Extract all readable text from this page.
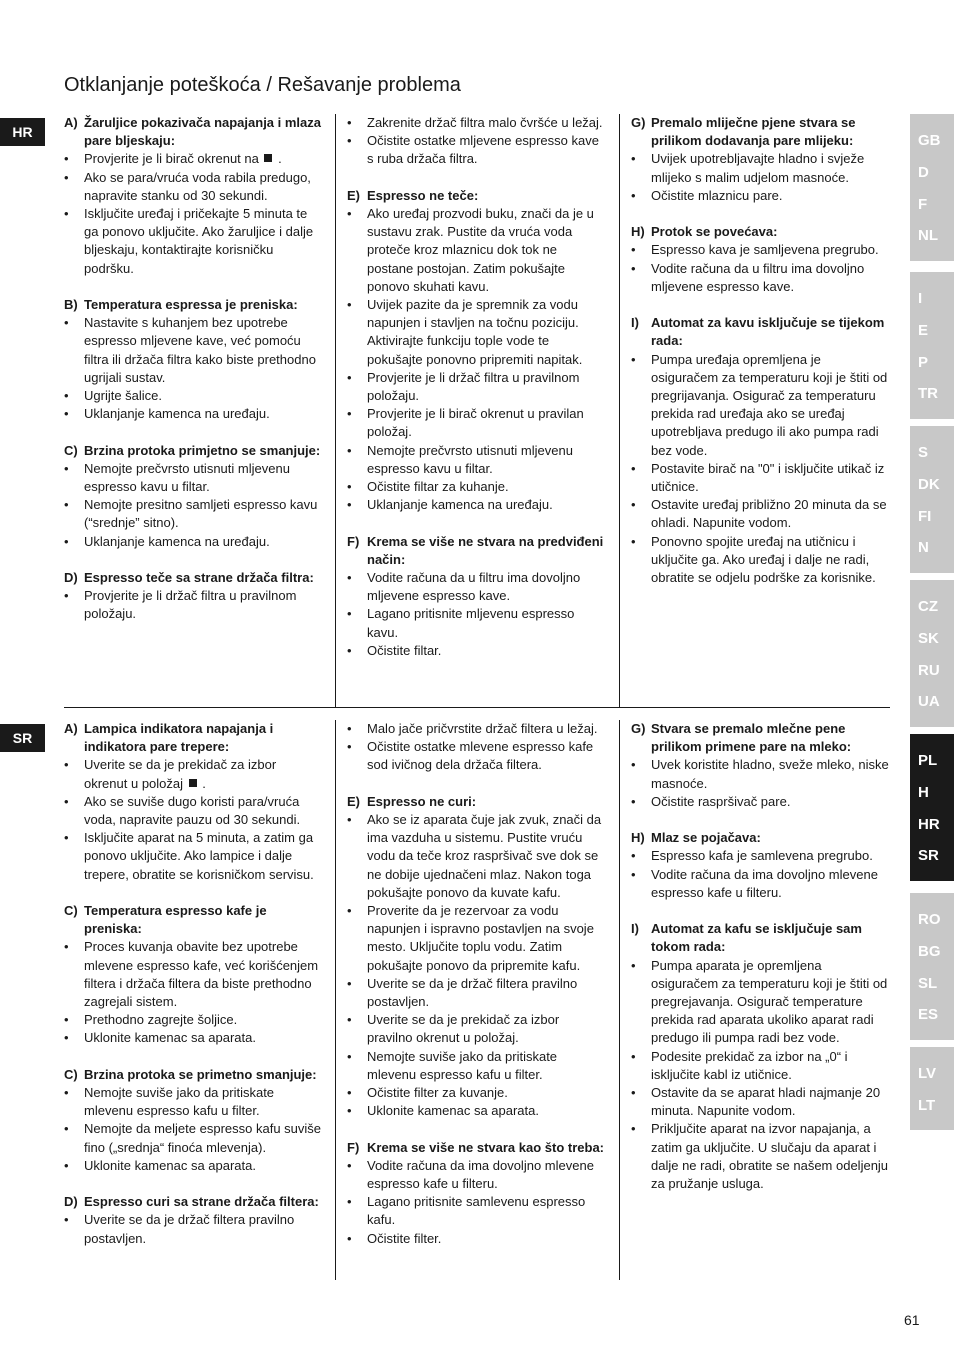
Otklanjanje poteškoća / Rešavanje problema
HR
SR
A) Žaruljice pokazivača napajanja i mlaza pare bljeskaju:
•	Provjerite je li birač okrenut na  .
•	Ako se para/vruća voda rabila predugo, napravite stanku od 30 sekundi.
•	Isključite uređaj i pričekajte 5 minuta te ga ponovo uključite. Ako žaruljice i dalje bljeskaju, kontaktirajte korisničku podršku.
B) Temperatura espressa je preniska:
•	Nastavite s kuhanjem bez upotrebe espresso mljevene kave, već pomoću filtra ili držača filtra kako biste prethodno ugrijali sustav.
•	Ugrijte šalice.
•	Uklanjanje kamenca na uređaju.
C) Brzina protoka primjetno se smanjuje:
•	Nemojte prečvrsto utisnuti mljevenu espresso kavu u filtar.
•	Nemojte presitno samljeti espresso kavu (“srednje” sitno).
•	Uklanjanje kamenca na uređaju.
D) Espresso teče sa strane držača filtra:
•	Provjerite je li držač filtra u pravilnom položaju.
•	Zakrenite držač filtra malo čvršće u ležaj.
•	Očistite ostatke mljevene espresso kave s ruba držača filtra.
E) Espresso ne teče:
•	Ako uređaj prozvodi buku, znači da je u sustavu zrak. Pustite da vruća voda proteče kroz mlaznicu dok tok ne postane postojan. Zatim pokušajte ponovo skuhati kavu.
•	Uvijek pazite da je spremnik za vodu napunjen i stavljen na točnu poziciju. Aktivirajte funkciju tople vode te pokušajte ponovno pripremiti napitak.
•	Provjerite je li držač filtra u pravilnom položaju.
•	Provjerite je li birač okrenut u pravilan položaj.
•	Nemojte prečvrsto utisnuti mljevenu espresso kavu u filtar.
•	Očistite filtar za kuhanje.
•	Uklanjanje kamenca na uređaju.
F) Krema se više ne stvara na predviđeni način:
•	Vodite računa da u filtru ima dovoljno mljevene espresso kave.
•	Lagano pritisnite mljevenu espresso kavu.
•	Očistite filtar.
G) Premalo mliječne pjene stvara se prilikom dodavanja pare mlijeku:
•	Uvijek upotrebljavajte hladno i svježe mlijeko s malim udjelom masnoće.
•	Očistite mlaznicu pare.
H) Protok se povećava:
•	Espresso kava je samljevena pregrubo.
•	Vodite računa da u filtru ima dovoljno mljevene espresso kave.
I) Automat za kavu isključuje se tijekom rada:
•	Pumpa uređaja opremljena je osiguračem za temperaturu koji je štiti od pregrijavanja. Osigurač za temperaturu prekida rad uređaja ako se uređaj upotrebljava predugo ili ako pumpa radi bez vode.
•	Postavite birač na "0" i isključite utikač iz utičnice.
•	Ostavite uređaj približno 20 minuta da se ohladi. Napunite vodom.
•	Ponovno spojite uređaj na utičnicu i uključite ga. Ako uređaj i dalje ne radi, obratite se odjelu podrške za korisnike.
A) Lampica indikatora napajanja i indikatora pare trepere:
•	Uverite se da je prekidač za izbor okrenut u položaj  .
•	Ako se suviše dugo koristi para/vruća voda, napravite pauzu od 30 sekundi.
•	Isključite aparat na 5 minuta, a zatim ga ponovo uključite. Ako lampice i dalje trepere, obratite se korisničkom servisu.
C) Temperatura espresso kafe je preniska:
•	Proces kuvanja obavite bez upotrebe mlevene espresso kafe, već korišćenjem filtera i držača filtera da biste prethodno zagrejali sistem.
•	Prethodno zagrejte šoljice.
•	Uklonite kamenac sa aparata.
C) Brzina protoka se primetno smanjuje:
•	Nemojte suviše jako da pritiskate mlevenu espresso kafu u filter.
•	Nemojte da meljete espresso kafu suviše fino („srednja“ finoća mlevenja).
•	Uklonite kamenac sa aparata.
D) Espresso curi sa strane držača filtera:
•	Uverite se da je držač filtera pravilno postavljen.
•	Malo jače pričvrstite držač filtera u ležaj.
•	Očistite ostatke mlevene espresso kafe sod ivičnog dela držača filtera.
E) Espresso ne curi:
•	Ako se iz aparata čuje jak zvuk, znači da ima vazduha u sistemu. Pustite vruću vodu da teče kroz raspršivač sve dok se ne dobije ujednačeni mlaz. Nakon toga pokušajte ponovo da kuvate kafu.
•	Proverite da je rezervoar za vodu napunjen i ispravno postavljen na svoje mesto. Uključite toplu vodu. Zatim pokušajte ponovo da pripremite kafu.
•	Uverite se da je držač filtera pravilno postavljen.
•	Uverite se da je prekidač za izbor pravilno okrenut u položaj.
•	Nemojte suviše jako da pritiskate mlevenu espresso kafu u filter.
•	Očistite filter za kuvanje.
•	Uklonite kamenac sa aparata.
F) Krema se više ne stvara kao što treba:
•	Vodite računa da ima dovoljno mlevene espresso kafe u filteru.
•	Lagano pritisnite samlevenu espresso kafu.
•	Očistite filter.
G) Stvara se premalo mlečne pene prilikom primene pare na mleko:
•	Uvek koristite hladno, sveže mleko, niske masnoće.
•	Očistite raspršivač pare.
H) Mlaz se pojačava:
•	Espresso kafa je samlevena pregrubo.
•	Vodite računa da ima dovoljno mlevene espresso kafe u filteru.
I) Automat za kafu se isključuje sam tokom rada:
•	Pumpa aparata je opremljena osiguračem za temperaturu koji je štiti od pregrejavanja. Osigurač temperature prekida rad aparata ukoliko aparat radi predugo ili pumpa radi bez vode.
•	Podesite prekidač za izbor na „0“ i isključite kabl iz utičnice.
•	Ostavite da se aparat hladi najmanje 20 minuta. Napunite vodom.
•	Priključite aparat na izvor napajanja, a zatim ga uključite. U slučaju da aparat i dalje ne radi, obratite se našem odeljenju za pružanje usluga.
GB
D
F
NL
I
E
P
TR
S
DK
FI
N
CZ
SK
RU
UA
PL
H
HR
SR
RO
BG
SL
ES
LV
LT
61
